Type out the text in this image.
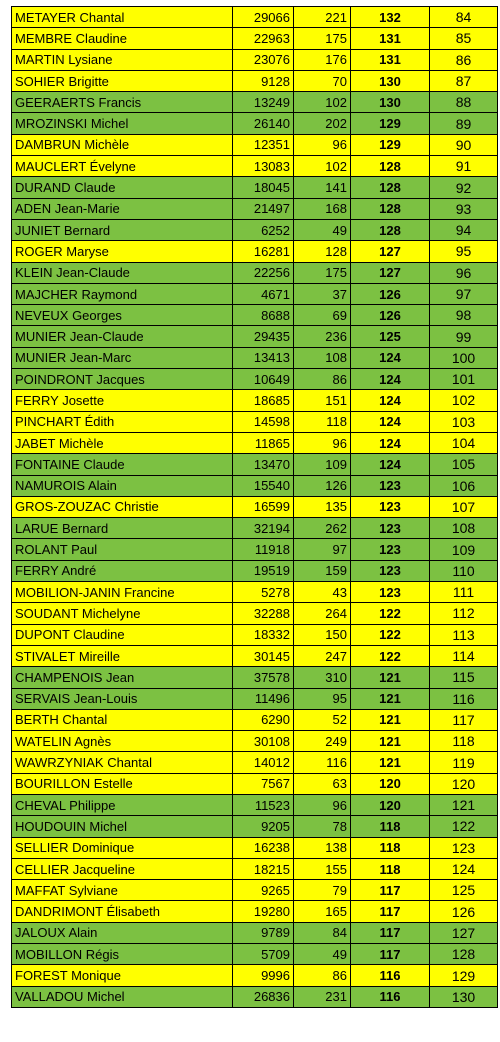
METAYER Chantal	29066	221	132	84
MEMBRE Claudine	22963	175	131	85
MARTIN Lysiane	23076	176	131	86
SOHIER Brigitte	9128	70	130	87
GEERAERTS Francis	13249	102	130	88
MROZINSKI Michel	26140	202	129	89
DAMBRUN Michèle	12351	96	129	90
MAUCLERT Évelyne	13083	102	128	91
DURAND Claude	18045	141	128	92
ADEN Jean-Marie	21497	168	128	93
JUNIET Bernard	6252	49	128	94
ROGER Maryse	16281	128	127	95
KLEIN Jean-Claude	22256	175	127	96
MAJCHER Raymond	4671	37	126	97
NEVEUX Georges	8688	69	126	98
MUNIER Jean-Claude	29435	236	125	99
MUNIER Jean-Marc	13413	108	124	100
POINDRONT Jacques	10649	86	124	101
FERRY Josette	18685	151	124	102
PINCHART Édith	14598	118	124	103
JABET Michèle	11865	96	124	104
FONTAINE Claude	13470	109	124	105
NAMUROIS Alain	15540	126	123	106
GROS-ZOUZAC Christie	16599	135	123	107
LARUE Bernard	32194	262	123	108
ROLANT Paul	11918	97	123	109
FERRY André	19519	159	123	110
MOBILION-JANIN Francine	5278	43	123	111
SOUDANT Michelyne	32288	264	122	112
DUPONT Claudine	18332	150	122	113
STIVALET Mireille	30145	247	122	114
CHAMPENOIS Jean	37578	310	121	115
SERVAIS Jean-Louis	11496	95	121	116
BERTH Chantal	6290	52	121	117
WATELIN Agnès	30108	249	121	118
WAWRZYNIAK Chantal	14012	116	121	119
BOURILLON Estelle	7567	63	120	120
CHEVAL Philippe	11523	96	120	121
HOUDOUIN Michel	9205	78	118	122
SELLIER Dominique	16238	138	118	123
CELLIER Jacqueline	18215	155	118	124
MAFFAT Sylviane	9265	79	117	125
DANDRIMONT Élisabeth	19280	165	117	126
JALOUX Alain	9789	84	117	127
MOBILLON Régis	5709	49	117	128
FOREST Monique	9996	86	116	129
VALLADOU Michel	26836	231	116	130
